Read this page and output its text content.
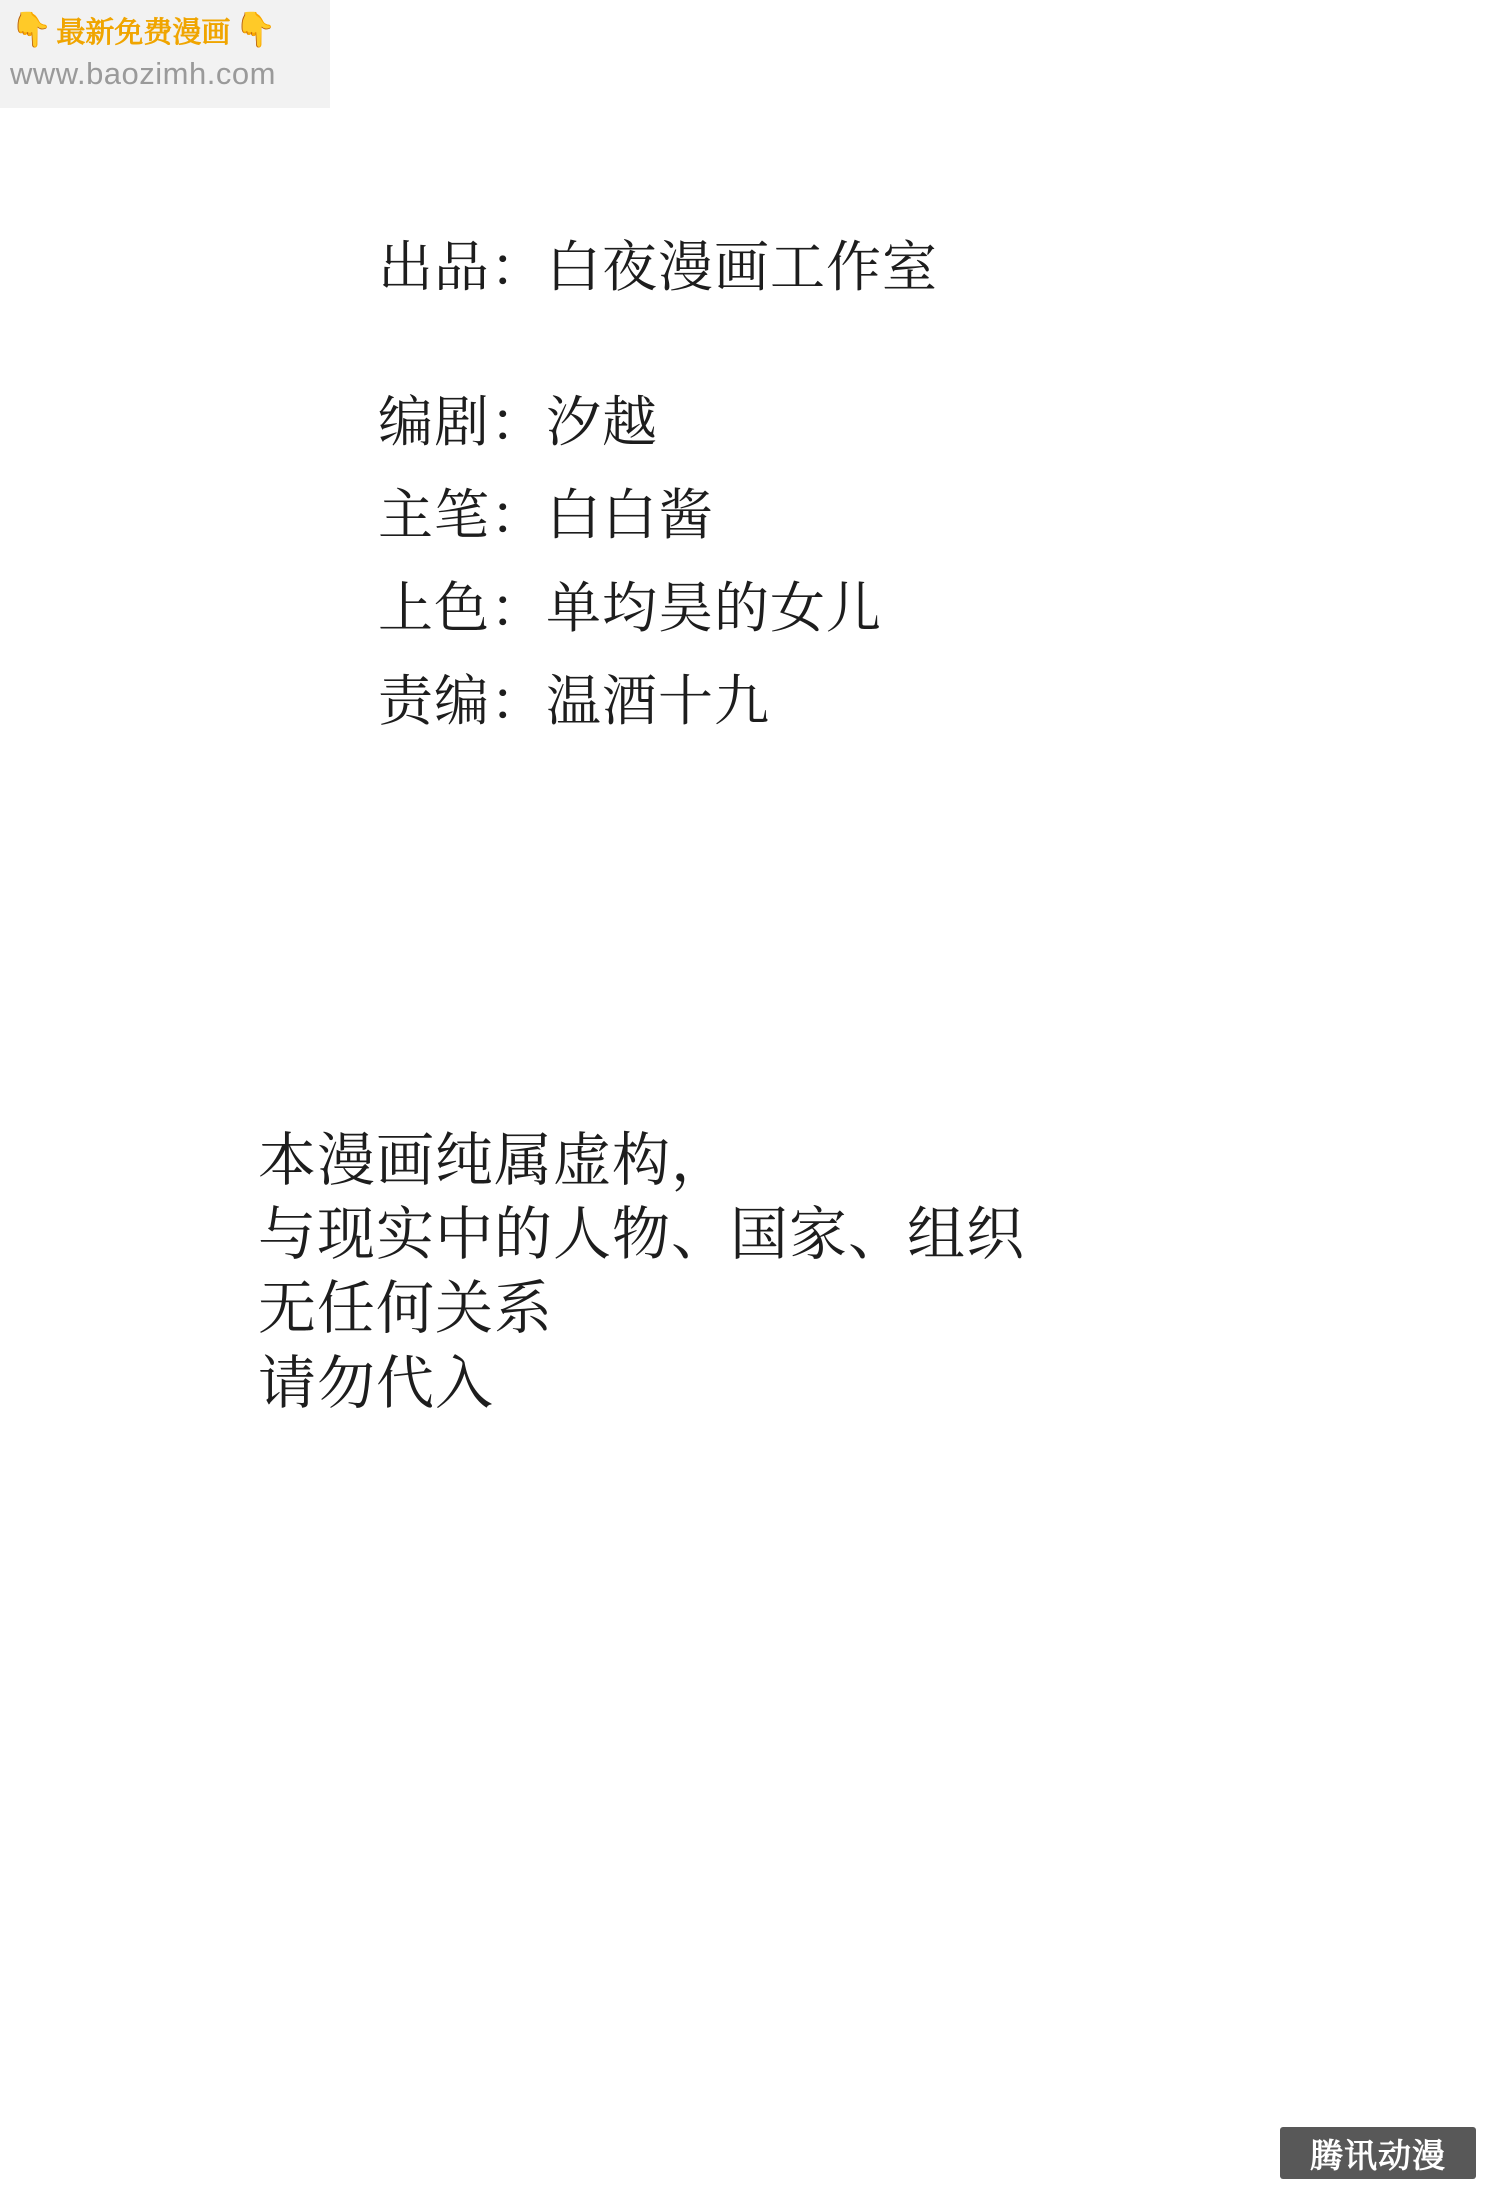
👇 最新免费漫画 👇
www.baozimh.com
出品：白夜漫画工作室
编剧：汐越
主笔：白白酱
上色：单均昊的女儿
责编：温酒十九
本漫画纯属虚构，
与现实中的人物、国家、组织
无任何关系
请勿代入
腾讯动漫
